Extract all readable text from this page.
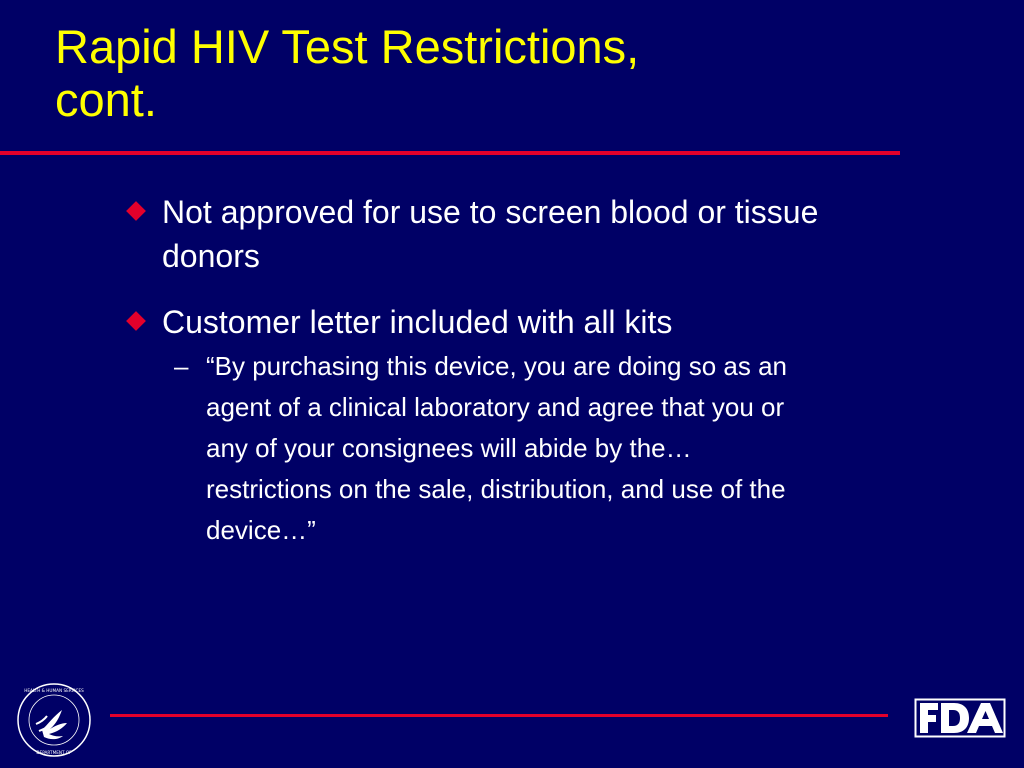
Rapid HIV Test Restrictions,
cont.
Not approved for use to screen blood or tissue donors
Customer letter included with all kits
– “By purchasing this device, you are doing so as an agent of a clinical laboratory and agree that you or any of your consignees will abide by the…restrictions on the sale, distribution, and use of the device…”
HEALTH & HUMAN SERVICES
DEPARTMENT OF
